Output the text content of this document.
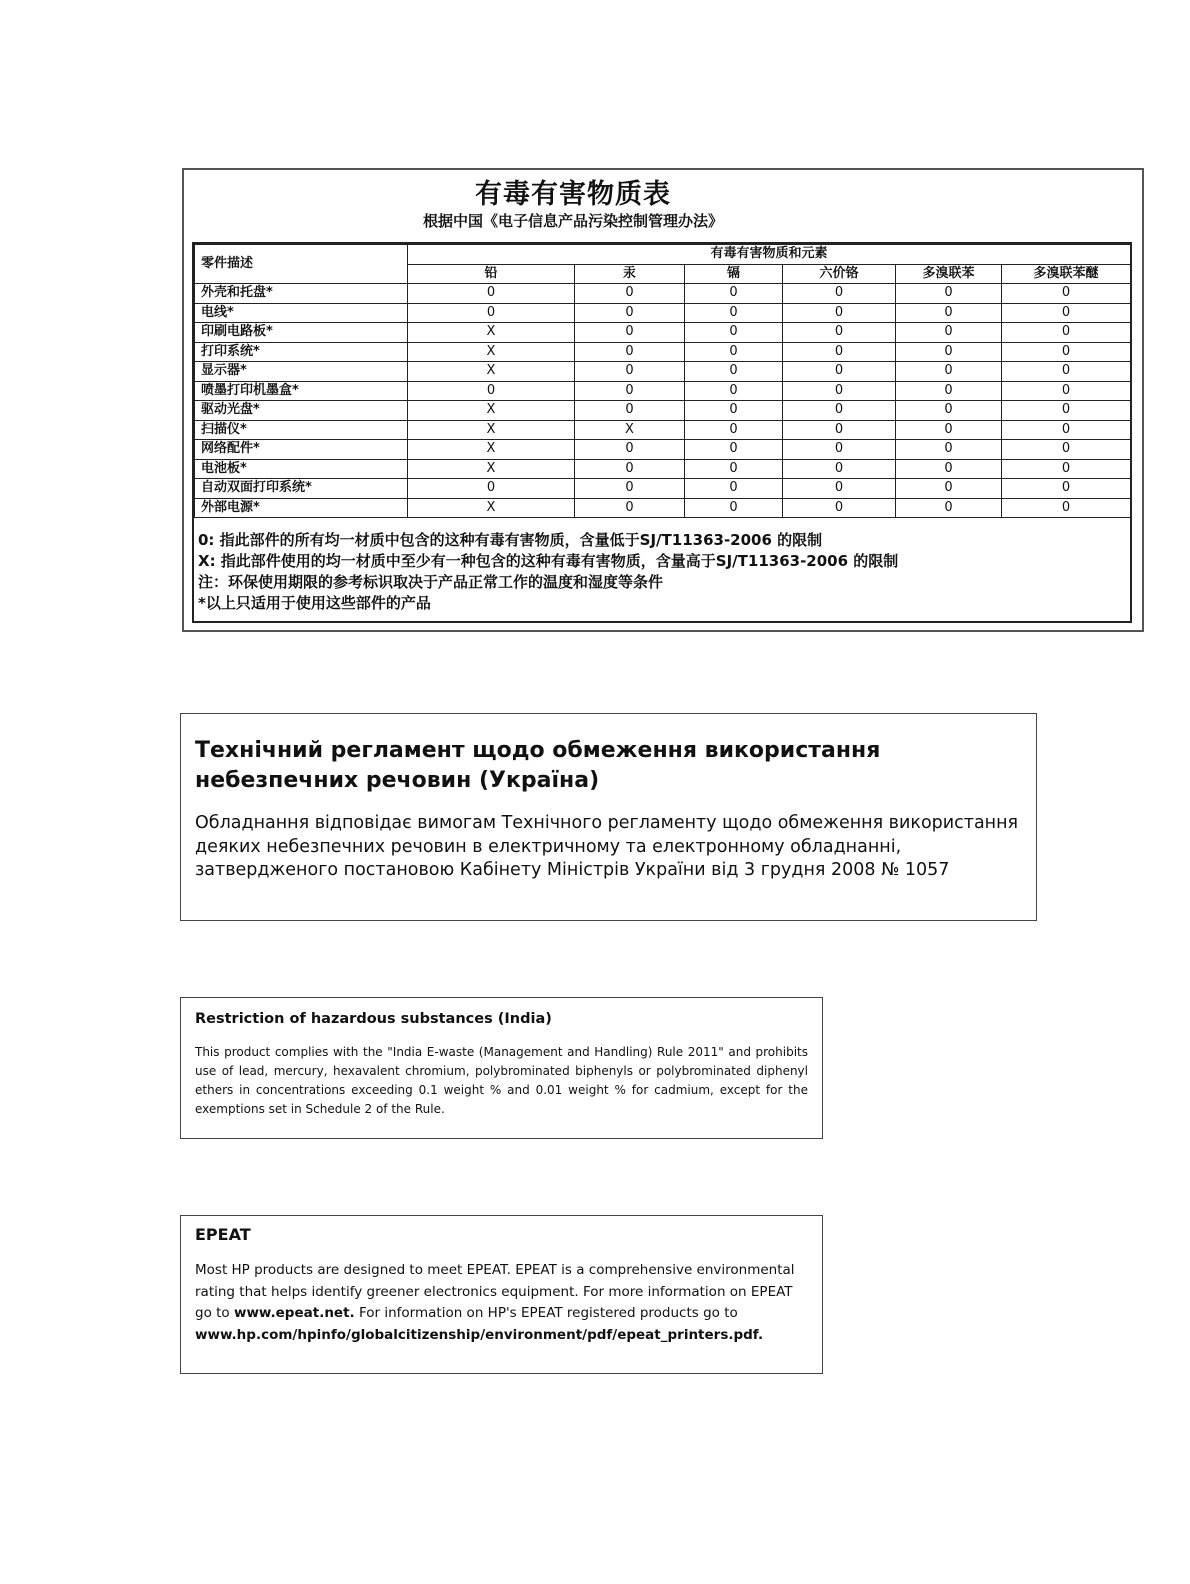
有毒有害物质表
根据中国《电子信息产品污染控制管理办法》
零件描述	有毒有害物质和元素					
	铅	汞	镉	六价铬	多溴联苯	多溴联苯醚
外壳和托盘*	0	0	0	0	0	0
电线*	0	0	0	0	0	0
印刷电路板*	X	0	0	0	0	0
打印系统*	X	0	0	0	0	0
显示器*	X	0	0	0	0	0
喷墨打印机墨盒*	0	0	0	0	0	0
驱动光盘*	X	0	0	0	0	0
扫描仪*	X	X	0	0	0	0
网络配件*	X	0	0	0	0	0
电池板*	X	0	0	0	0	0
自动双面打印系统*	0	0	0	0	0	0
外部电源*	X	0	0	0	0	0
0: 指此部件的所有均一材质中包含的这种有毒有害物质，含量低于SJ/T11363-2006 的限制
X: 指此部件使用的均一材质中至少有一种包含的这种有毒有害物质，含量高于SJ/T11363-2006 的限制
注：环保使用期限的参考标识取决于产品正常工作的温度和湿度等条件
*以上只适用于使用这些部件的产品
Технічний регламент щодо обмеження використання небезпечних речовин (Україна)
Обладнання відповідає вимогам Технічного регламенту щодо обмеження використання деяких небезпечних речовин в електричному та електронному обладнанні, затвердженого постановою Кабінету Міністрів України від 3 грудня 2008 № 1057
Restriction of hazardous substances (India)
This product complies with the "India E-waste (Management and Handling) Rule 2011" and prohibits use of lead, mercury, hexavalent chromium, polybrominated biphenyls or polybrominated diphenyl ethers in concentrations exceeding 0.1 weight % and 0.01 weight % for cadmium, except for the exemptions set in Schedule 2 of the Rule.
EPEAT
Most HP products are designed to meet EPEAT. EPEAT is a comprehensive environmental rating that helps identify greener electronics equipment. For more information on EPEAT go to www.epeat.net. For information on HP's EPEAT registered products go to
www.hp.com/hpinfo/globalcitizenship/environment/pdf/epeat_printers.pdf.
